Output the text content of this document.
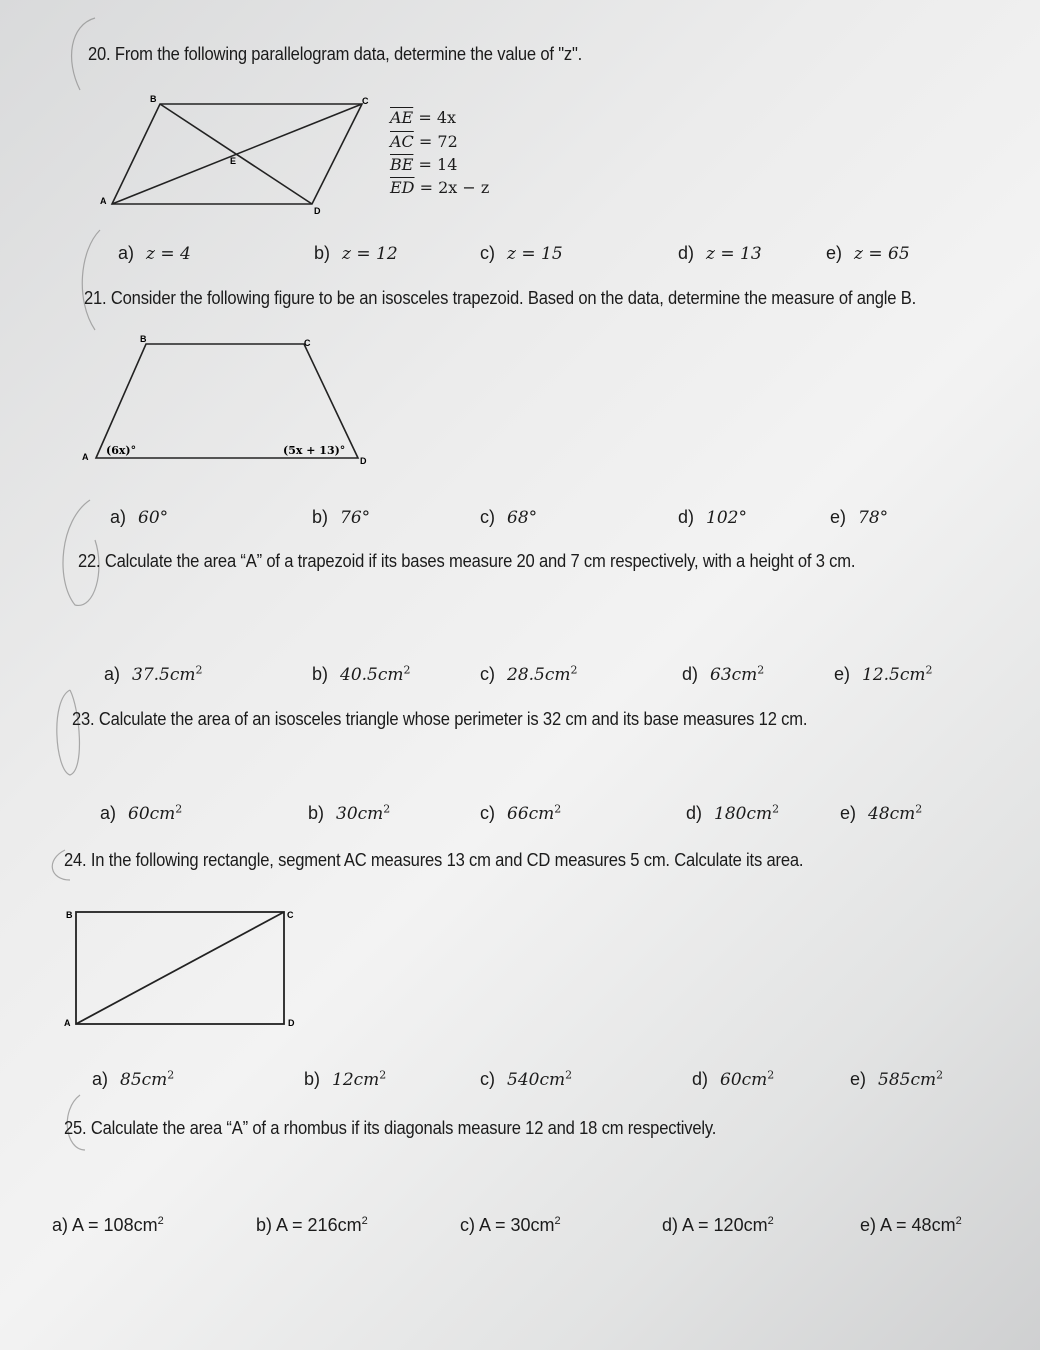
20. From the following parallelogram data, determine the value of "z".
B	C
E
A
D
$\overline{AE} = 4x$
$\overline{AC} = 72$
$\overline{BE} = 14$
$\overline{ED} = 2x - z$
a) z = 4	b) z = 12	c) z = 15	d) z = 13	e) z = 65
21. Consider the following figure to be an isosceles trapezoid. Based on the data, determine the measure of angle B.
B	C
A	D
(6x)°	(5x + 13)°
a) 60°	b) 76°	c) 68°	d) 102°	e) 78°
22. Calculate the area “A” of a trapezoid if its bases measure 20 and 7 cm respectively, with a height of 3 cm.
a) $37.5cm^2$	b) $40.5cm^2$	c) $28.5cm^2$	d) $63cm^2$	e) $12.5cm^2$
23. Calculate the area of an isosceles triangle whose perimeter is 32 cm and its base measures 12 cm.
a) $60cm^2$	b) $30cm^2$	c) $66cm^2$	d) $180cm^2$	e) $48cm^2$
24. In the following rectangle, segment AC measures 13 cm and CD measures 5 cm. Calculate its area.
B	C
A	D
a) $85cm^2$	b) $12cm^2$	c) $540cm^2$	d) $60cm^2$	e) $585cm^2$
25. Calculate the area “A” of a rhombus if its diagonals measure 12 and 18 cm respectively.
a) $A = 108cm^2$	b) $A = 216cm^2$	c) $A = 30cm^2$	d) $A = 120cm^2$	e) $A = 48cm^2$
